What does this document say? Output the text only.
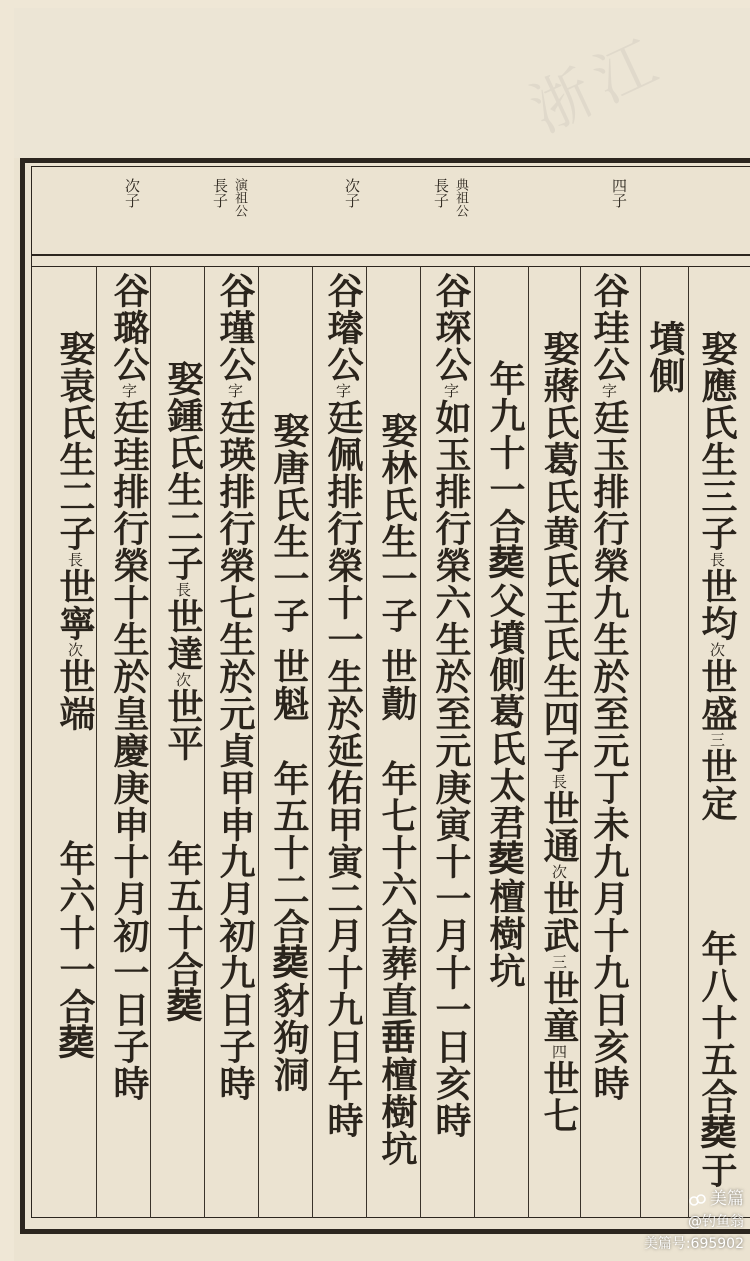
浙江
四子
典祖公
長子
次子
演祖公
長子
次子
娶應氏生三子長世均次世盛三世定
年八十五合𦵏于
墳側
谷珪公字廷玉排行榮九生於至元丁未九月十九日亥時
娶蔣氏葛氏黄氏王氏生四子長世通次世武三世童四世七
年九十一合𦵏父墳側葛氏太君𦵏檀樹坑
谷琛公字如玉排行榮六生於至元庚寅十一月十一日亥時
娶林氏生一子世勣
年七十六合葬直𡸁檀樹坑
谷璿公字廷佩排行榮十一生於延佑甲寅二月十九日午時
娶唐氏生一子世魁
年五十二合𦵏豺狗洞
谷瑾公字廷瑛排行榮七生於元貞甲申九月初九日子時
娶鍾氏生二子長世達次世平
年五十合𦵏
谷璐公字廷珪排行榮十生於皇慶庚申十月初一日子時
娶袁氏生二子長世寧次世端
年六十一合𦵏
美篇
@钓鱼翁
美篇号:695902
